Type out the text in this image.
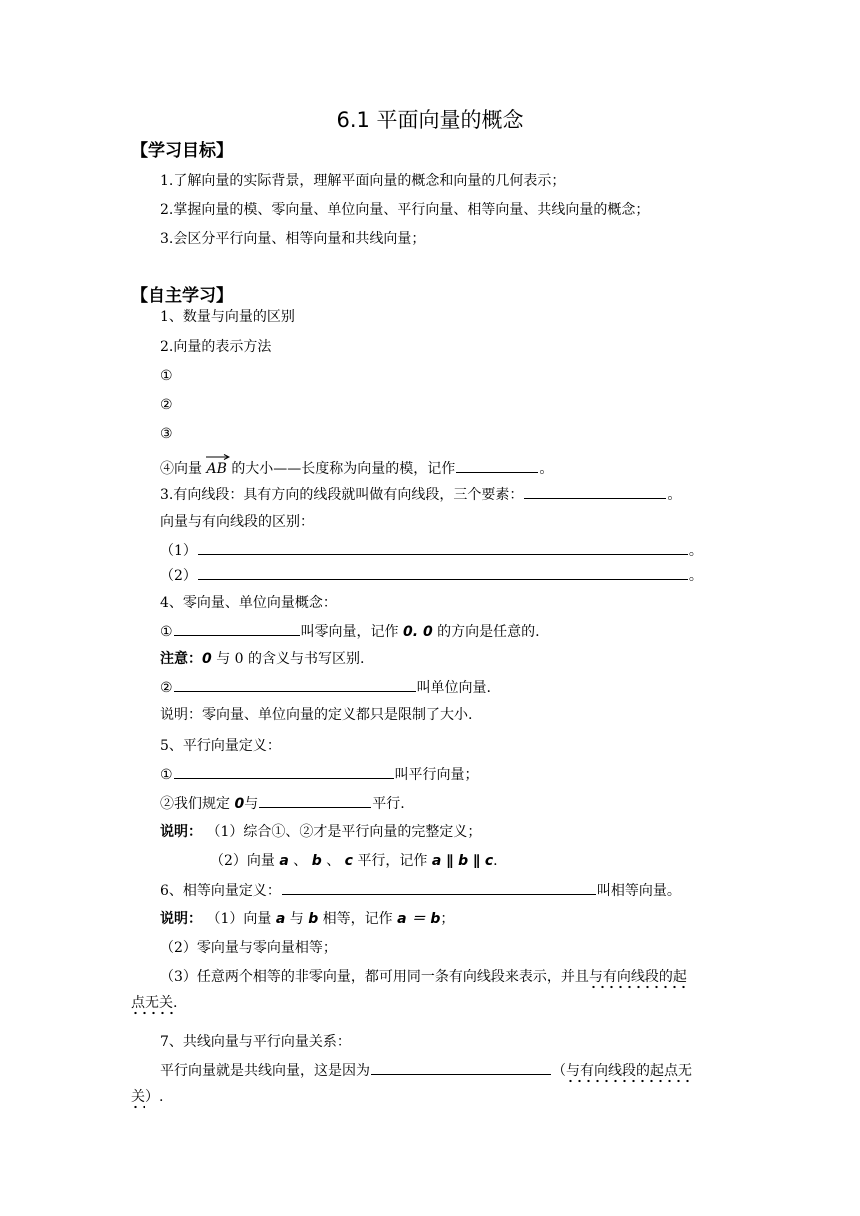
6.1 平面向量的概念
【学习目标】
1.了解向量的实际背景，理解平面向量的概念和向量的几何表示；
2.掌握向量的模、零向量、单位向量、平行向量、相等向量、共线向量的概念；
3.会区分平行向量、相等向量和共线向量；
【自主学习】
1、数量与向量的区别
2.向量的表示方法
①
②
③
④向量 AB 的大小——长度称为向量的模，记作	。
3.有向线段：具有方向的线段就叫做有向线段，三个要素：	。
向量与有向线段的区别：
（1）	。
（2）	。
4、零向量、单位向量概念：
①	叫零向量，记作 0. 0 的方向是任意的.
注意：0 与 0 的含义与书写区别.
②	叫单位向量.
说明：零向量、单位向量的定义都只是限制了大小.
5、平行向量定义：
①	叫平行向量；
②我们规定 0与	平行.
说明： （1）综合①、②才是平行向量的完整定义；
（2）向量 a 、 b 、 c 平行，记作 a ∥ b ∥ c.
6、相等向量定义：	叫相等向量。
说明： （1）向量 a 与 b 相等，记作 a ＝ b；
（2）零向量与零向量相等；
（3）任意两个相等的非零向量，都可用同一条有向线段来表示，并且与有向线段的起
点无关.
7、共线向量与平行向量关系：
平行向量就是共线向量，这是因为	（与有向线段的起点无
关）.
